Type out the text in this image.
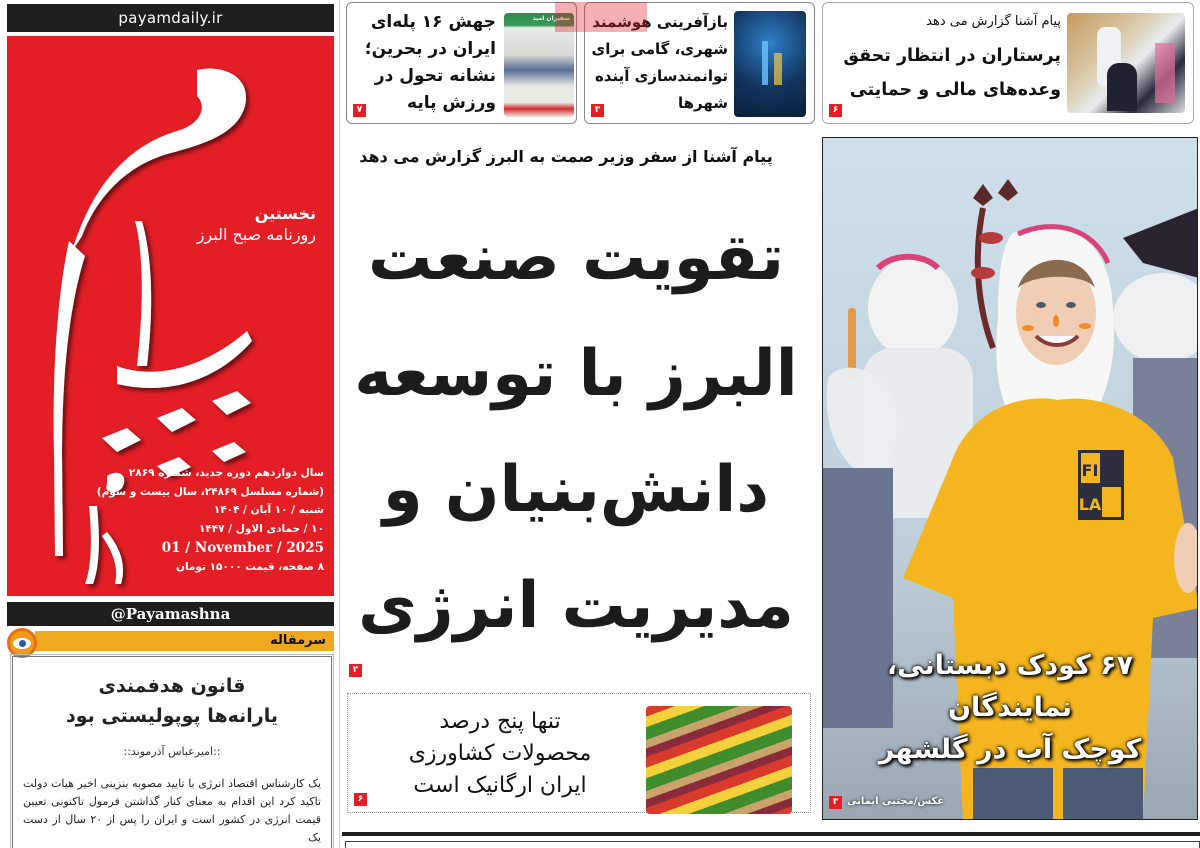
payamdaily.ir
نخستین
روزنامه صبح البرز
سال دوازدهم دوره جدید، شماره ۲۸۶۹
(شماره مسلسل ۲۴۸۶۹، سال بیست و سوم)
شنبه / ۱۰ آبان / ۱۴۰۴
۱۰ / جمادی الاول / ۱۴۴۷
01 / November / 2025
۸ صفحه، قیمت ۱۵۰۰۰ تومان
@Payamashna
سرمقاله
قانون هدفمندی
یارانه‌ها پوپولیستی بود
::امیرعباس آذرموند::
یک کارشناس اقتصاد انرژی با تایید مصوبه بنزینی اخیر هیات دولت تاکید کرد این اقدام به معنای کنار گذاشتن فرمول تاکنونی تعیین قیمت انرژی در کشور است و ایران را پس از ۲۰ سال از دست یک
سفیران امید
جهش ۱۶ پله‌ای
ایران در بحرین؛
نشانه تحول در
ورزش پایه
۷
بازآفرینی هوشمند
شهری، گامی برای
توانمندسازی آینده
شهرها
۳
پیام آشنا گزارش می دهد
پرستاران در انتظار تحقق
وعده‌های مالی و حمایتی
۶
پیام آشنا از سفر وزیر صمت به البرز گزارش می دهد
تقویت صنعت
البرز با توسعه
دانش‌بنیان و
مدیریت انرژی
۲
تنها پنج درصد
محصولات کشاورزی
ایران ارگانیک است
۶
FI
LA
۶۷ کودک دبستانی، نمایندگان
کوچک آب در گلشهر
عکس/مجتبی ایمانی
۳
